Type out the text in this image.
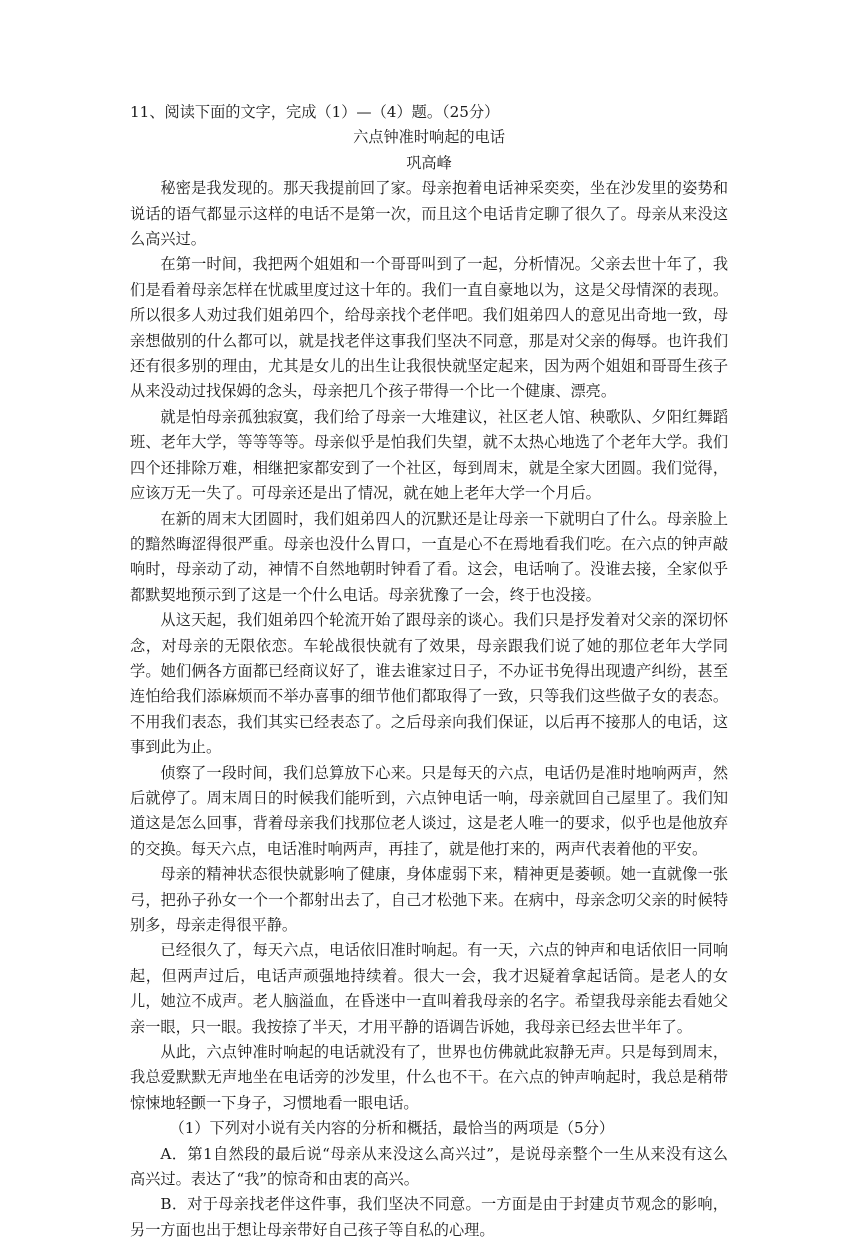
11、阅读下面的文字，完成（1）—（4）题。（25分）

六点钟准时响起的电话

巩高峰

秘密是我发现的。那天我提前回了家。母亲抱着电话神采奕奕，坐在沙发里的姿势和说话的语气都显示这样的电话不是第一次，而且这个电话肯定聊了很久了。母亲从来没这么高兴过。

在第一时间，我把两个姐姐和一个哥哥叫到了一起，分析情况。父亲去世十年了，我们是看着母亲怎样在忧戚里度过这十年的。我们一直自豪地以为，这是父母情深的表现。所以很多人劝过我们姐弟四个，给母亲找个老伴吧。我们姐弟四人的意见出奇地一致，母亲想做别的什么都可以，就是找老伴这事我们坚决不同意，那是对父亲的侮辱。也许我们还有很多别的理由，尤其是女儿的出生让我很快就坚定起来，因为两个姐姐和哥哥生孩子从来没动过找保姆的念头，母亲把几个孩子带得一个比一个健康、漂亮。

就是怕母亲孤独寂寞，我们给了母亲一大堆建议，社区老人馆、秧歌队、夕阳红舞蹈班、老年大学，等等等等。母亲似乎是怕我们失望，就不太热心地选了个老年大学。我们四个还排除万难，相继把家都安到了一个社区，每到周末，就是全家大团圆。我们觉得，应该万无一失了。可母亲还是出了情况，就在她上老年大学一个月后。

在新的周末大团圆时，我们姐弟四人的沉默还是让母亲一下就明白了什么。母亲脸上的黯然晦涩得很严重。母亲也没什么胃口，一直是心不在焉地看我们吃。在六点的钟声敲响时，母亲动了动，神情不自然地朝时钟看了看。这会，电话响了。没谁去接，全家似乎都默契地预示到了这是一个什么电话。母亲犹豫了一会，终于也没接。

从这天起，我们姐弟四个轮流开始了跟母亲的谈心。我们只是抒发着对父亲的深切怀念，对母亲的无限依恋。车轮战很快就有了效果，母亲跟我们说了她的那位老年大学同学。她们俩各方面都已经商议好了，谁去谁家过日子，不办证书免得出现遗产纠纷，甚至连怕给我们添麻烦而不举办喜事的细节他们都取得了一致，只等我们这些做子女的表态。不用我们表态，我们其实已经表态了。之后母亲向我们保证，以后再不接那人的电话，这事到此为止。

侦察了一段时间，我们总算放下心来。只是每天的六点，电话仍是准时地响两声，然后就停了。周末周日的时候我们能听到，六点钟电话一响，母亲就回自己屋里了。我们知道这是怎么回事，背着母亲我们找那位老人谈过，这是老人唯一的要求，似乎也是他放弃的交换。每天六点，电话准时响两声，再挂了，就是他打来的，两声代表着他的平安。

母亲的精神状态很快就影响了健康，身体虚弱下来，精神更是萎顿。她一直就像一张弓，把孙子孙女一个一个都射出去了，自己才松弛下来。在病中，母亲念叨父亲的时候特别多，母亲走得很平静。

已经很久了，每天六点，电话依旧准时响起。有一天，六点的钟声和电话依旧一同响起，但两声过后，电话声顽强地持续着。很大一会，我才迟疑着拿起话筒。是老人的女儿，她泣不成声。老人脑溢血，在昏迷中一直叫着我母亲的名字。希望我母亲能去看她父亲一眼，只一眼。我按捺了半天，才用平静的语调告诉她，我母亲已经去世半年了。

从此，六点钟准时响起的电话就没有了，世界也仿佛就此寂静无声。只是每到周末，我总爱默默无声地坐在电话旁的沙发里，什么也不干。在六点的钟声响起时，我总是稍带惊悚地轻颤一下身子，习惯地看一眼电话。

（1）下列对小说有关内容的分析和概括，最恰当的两项是（5分）

A．第1自然段的最后说“母亲从来没这么高兴过”，是说母亲整个一生从来没有这么高兴过。表达了“我”的惊奇和由衷的高兴。

B．对于母亲找老伴这件事，我们坚决不同意。一方面是由于封建贞节观念的影响，另一方面也出于想让母亲带好自己孩子等自私的心理。
